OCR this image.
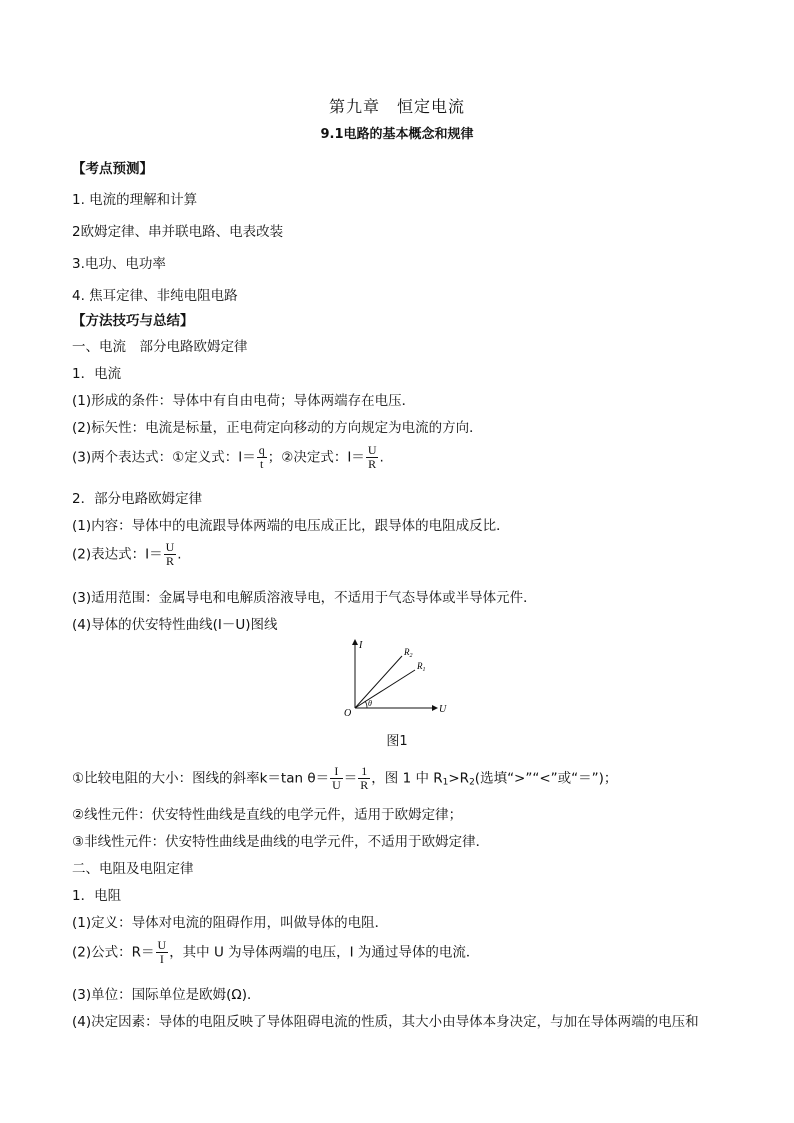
第九章　恒定电流
9.1电路的基本概念和规律
【考点预测】
1. 电流的理解和计算
2欧姆定律、串并联电路、电表改装
3.电功、电功率
4. 焦耳定律、非纯电阻电路
【方法技巧与总结】
一、电流　部分电路欧姆定律
1．电流
(1)形成的条件：导体中有自由电荷；导体两端存在电压．
(2)标矢性：电流是标量，正电荷定向移动的方向规定为电流的方向．
(3)两个表达式：①定义式：$I= \frac{q}{t}$ ；②决定式：$I= \frac{U}{R}$ .
2．部分电路欧姆定律
(1)内容：导体中的电流跟导体两端的电压成正比，跟导体的电阻成反比．
(2)表达式：$I= \frac{U}{R}$ .
(3)适用范围：金属导电和电解质溶液导电，不适用于气态导体或半导体元件．
(4)导体的伏安特性曲线(I－U)图线
I
U
O
θ
$R_2$
$R_1$
图1
①比较电阻的大小：图线的斜率k＝tan $\theta= \frac{I}{U} = \frac{1}{R}$ ，图 1 中 $R_1>R_2$(选填“>”“<”或“＝”)；
②线性元件：伏安特性曲线是直线的电学元件，适用于欧姆定律；
③非线性元件：伏安特性曲线是曲线的电学元件，不适用于欧姆定律．
二、电阻及电阻定律
1．电阻
(1)定义：导体对电流的阻碍作用，叫做导体的电阻．
(2)公式：$R= \frac{U}{I}$ ，其中 U 为导体两端的电压，I 为通过导体的电流．
(3)单位：国际单位是欧姆(Ω)．
(4)决定因素：导体的电阻反映了导体阻碍电流的性质，其大小由导体本身决定，与加在导体两端的电压和
